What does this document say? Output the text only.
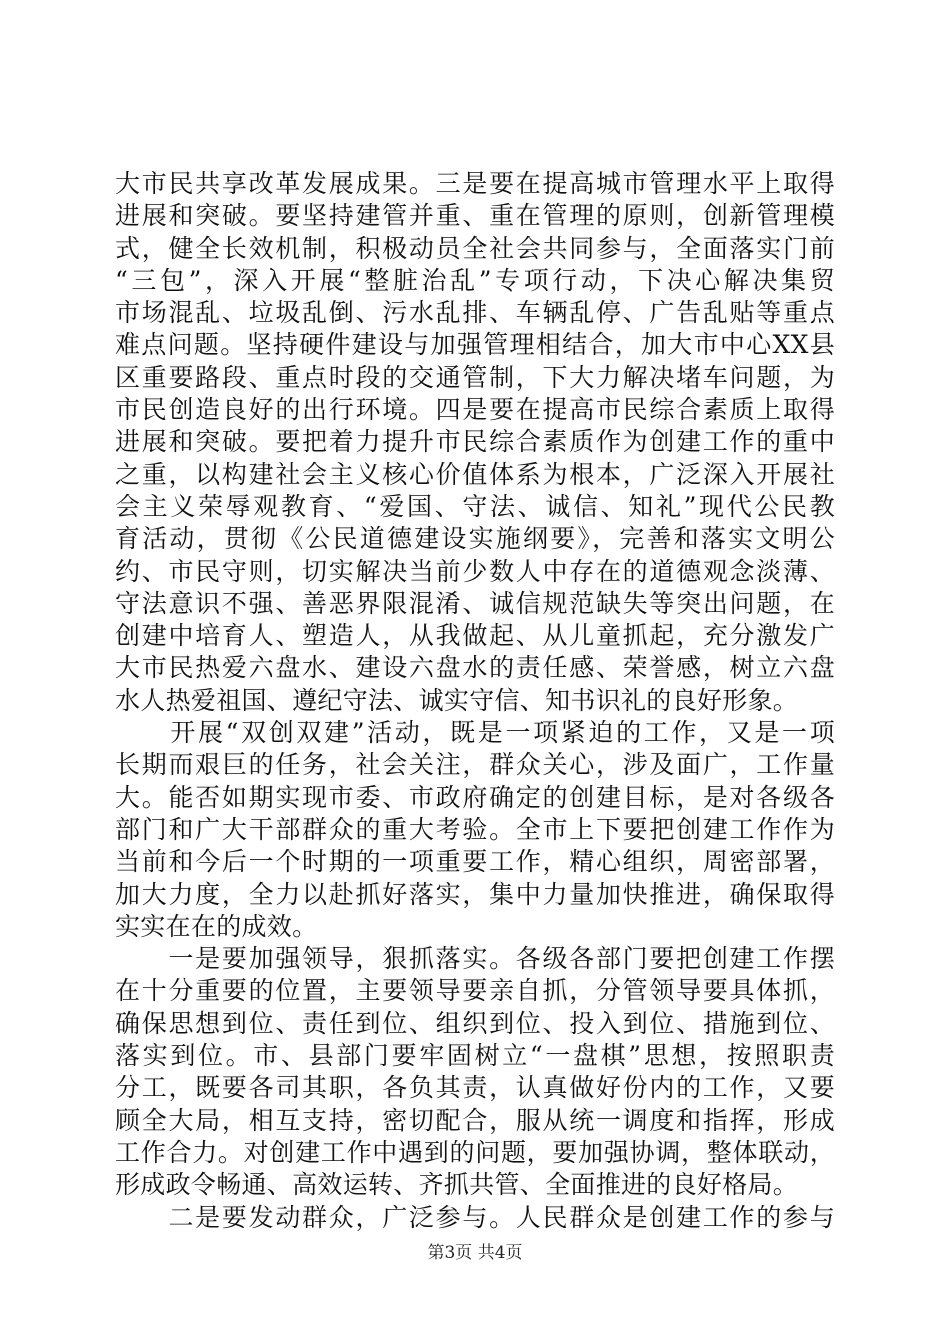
大市民共享改革发展成果。三是要在提高城市管理水平上取得
进展和突破。要坚持建管并重、重在管理的原则，创新管理模
式，健全长效机制，积极动员全社会共同参与，全面落实门前
“三包”，深入开展“整脏治乱”专项行动，下决心解决集贸
市场混乱、垃圾乱倒、污水乱排、车辆乱停、广告乱贴等重点
难点问题。坚持硬件建设与加强管理相结合，加大市中心XX县
区重要路段、重点时段的交通管制，下大力解决堵车问题，为
市民创造良好的出行环境。四是要在提高市民综合素质上取得
进展和突破。要把着力提升市民综合素质作为创建工作的重中
之重，以构建社会主义核心价值体系为根本，广泛深入开展社
会主义荣辱观教育、“爱国、守法、诚信、知礼”现代公民教
育活动，贯彻《公民道德建设实施纲要》，完善和落实文明公
约、市民守则，切实解决当前少数人中存在的道德观念淡薄、
守法意识不强、善恶界限混淆、诚信规范缺失等突出问题，在
创建中培育人、塑造人，从我做起、从儿童抓起，充分激发广
大市民热爱六盘水、建设六盘水的责任感、荣誉感，树立六盘
水人热爱祖国、遵纪守法、诚实守信、知书识礼的良好形象。
　　开展“双创双建”活动，既是一项紧迫的工作，又是一项
长期而艰巨的任务，社会关注，群众关心，涉及面广，工作量
大。能否如期实现市委、市政府确定的创建目标，是对各级各
部门和广大干部群众的重大考验。全市上下要把创建工作作为
当前和今后一个时期的一项重要工作，精心组织，周密部署，
加大力度，全力以赴抓好落实，集中力量加快推进，确保取得
实实在在的成效。
　　一是要加强领导，狠抓落实。各级各部门要把创建工作摆
在十分重要的位置，主要领导要亲自抓，分管领导要具体抓，
确保思想到位、责任到位、组织到位、投入到位、措施到位、
落实到位。市、县部门要牢固树立“一盘棋”思想，按照职责
分工，既要各司其职，各负其责，认真做好份内的工作，又要
顾全大局，相互支持，密切配合，服从统一调度和指挥，形成
工作合力。对创建工作中遇到的问题，要加强协调，整体联动，
形成政令畅通、高效运转、齐抓共管、全面推进的良好格局。
　　二是要发动群众，广泛参与。人民群众是创建工作的参与
第3页 共4页
